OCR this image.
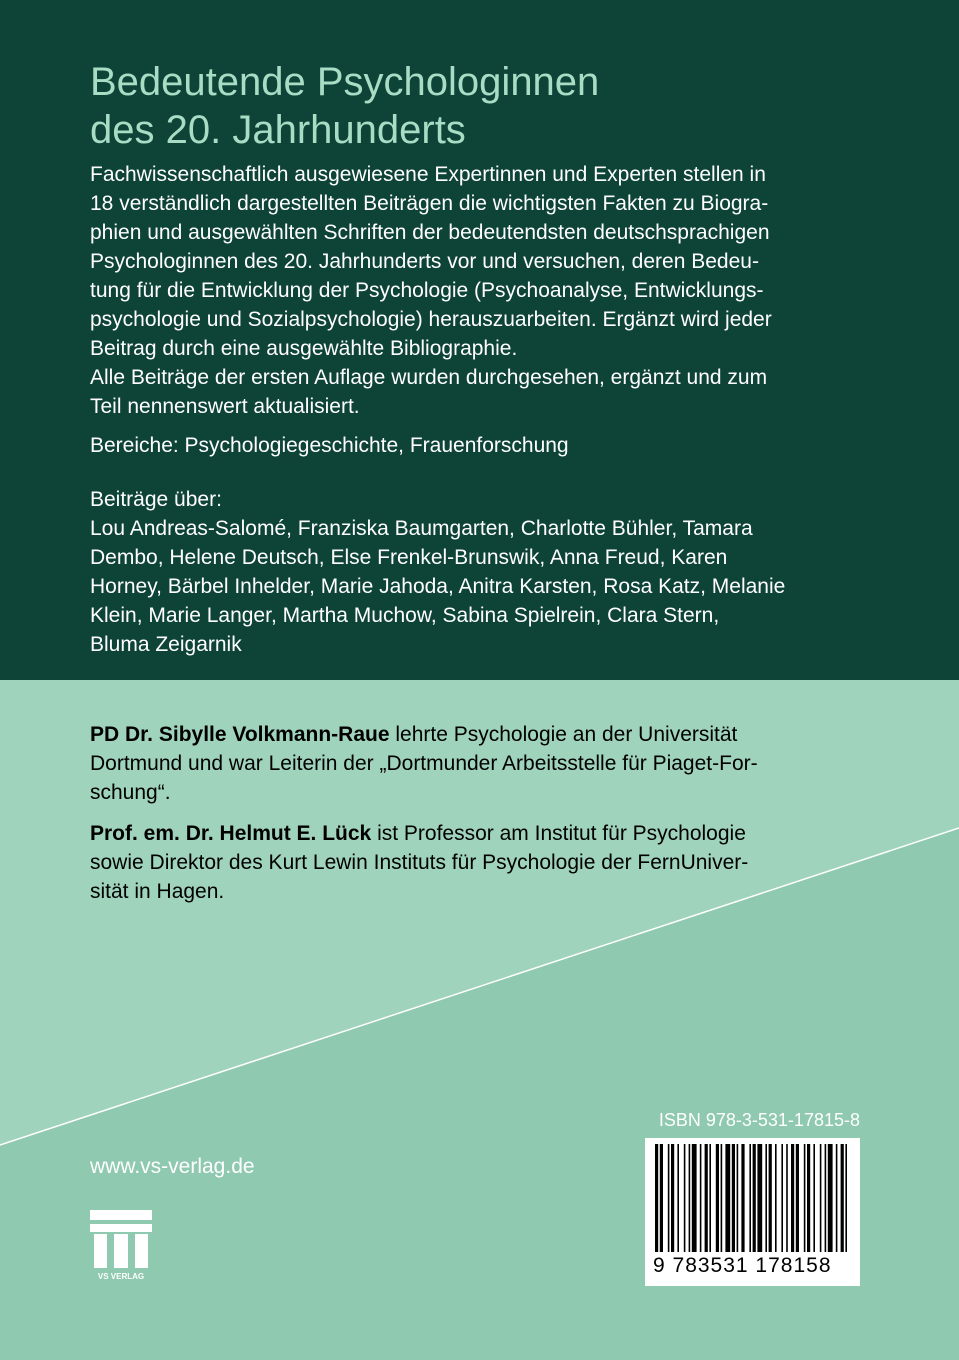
Bedeutende Psychologinnen
des 20. Jahrhunderts

Fachwissenschaftlich ausgewiesene Expertinnen und Experten stellen in
18 verständlich dargestellten Beiträgen die wichtigsten Fakten zu Biogra-
phien und ausgewählten Schriften der bedeutendsten deutschsprachigen
Psychologinnen des 20. Jahrhunderts vor und versuchen, deren Bedeu-
tung für die Entwicklung der Psychologie (Psychoanalyse, Entwicklungs-
psychologie und Sozialpsychologie) herauszuarbeiten. Ergänzt wird jeder
Beitrag durch eine ausgewählte Bibliographie.
Alle Beiträge der ersten Auflage wurden durchgesehen, ergänzt und zum
Teil nennenswert aktualisiert.

Bereiche: Psychologiegeschichte, Frauenforschung

Beiträge über:
Lou Andreas-Salomé, Franziska Baumgarten, Charlotte Bühler, Tamara
Dembo, Helene Deutsch, Else Frenkel-Brunswik, Anna Freud, Karen
Horney, Bärbel Inhelder, Marie Jahoda, Anitra Karsten, Rosa Katz, Melanie
Klein, Marie Langer, Martha Muchow, Sabina Spielrein, Clara Stern,
Bluma Zeigarnik

PD Dr. Sibylle Volkmann-Raue lehrte Psychologie an der Universität
Dortmund und war Leiterin der „Dortmunder Arbeitsstelle für Piaget-For-
schung“.

Prof. em. Dr. Helmut E. Lück ist Professor am Institut für Psychologie
sowie Direktor des Kurt Lewin Instituts für Psychologie der FernUniver-
sität in Hagen.

www.vs-verlag.de

VS VERLAG

ISBN 978-3-531-17815-8

9 783531 178158
